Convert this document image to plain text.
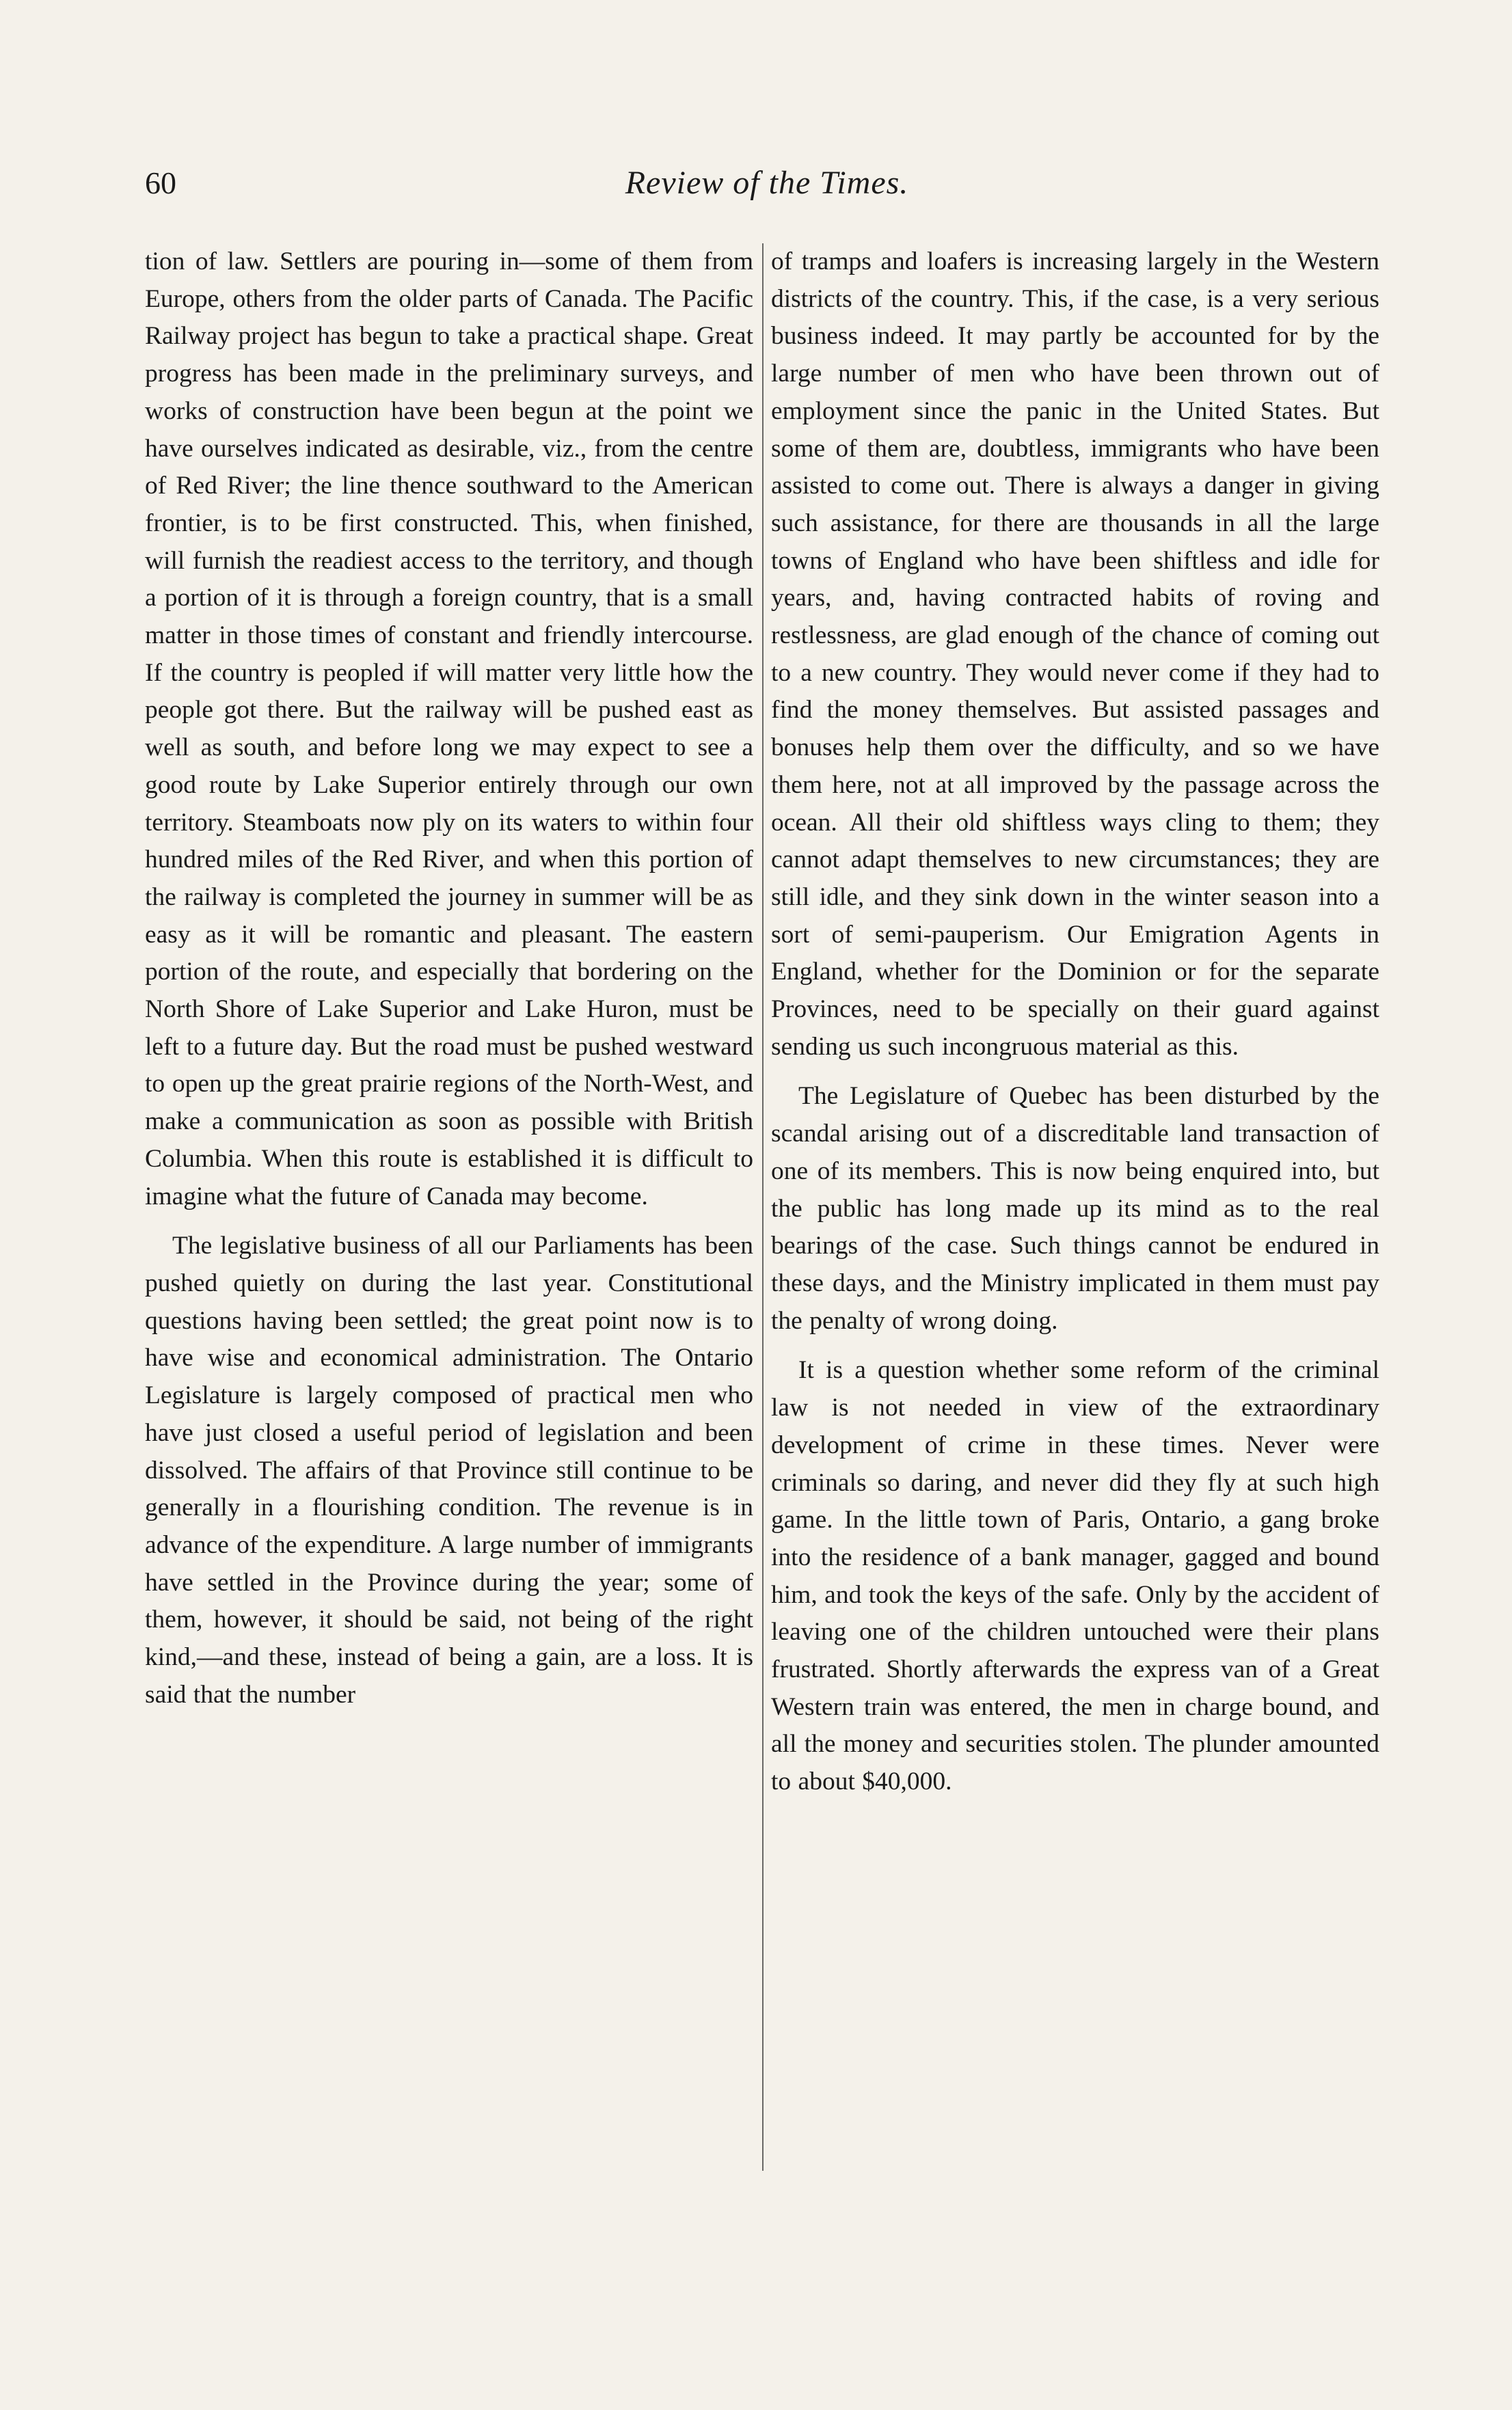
60	Review of the Times.

tion of law. Settlers are pouring in—some of them from Europe, others from the older parts of Canada. The Pacific Railway project has begun to take a practical shape. Great progress has been made in the preliminary surveys, and works of construction have been begun at the point we have ourselves indicated as desirable, viz., from the centre of Red River; the line thence southward to the American frontier, is to be first constructed. This, when finished, will furnish the readiest access to the territory, and though a portion of it is through a foreign country, that is a small matter in those times of constant and friendly intercourse. If the country is peopled if will matter very little how the people got there. But the railway will be pushed east as well as south, and before long we may expect to see a good route by Lake Superior entirely through our own territory. Steamboats now ply on its waters to within four hundred miles of the Red River, and when this portion of the railway is completed the journey in summer will be as easy as it will be romantic and pleasant. The eastern portion of the route, and especially that bordering on the North Shore of Lake Superior and Lake Huron, must be left to a future day. But the road must be pushed westward to open up the great prairie regions of the North-West, and make a communication as soon as possible with British Columbia. When this route is established it is difficult to imagine what the future of Canada may become.

The legislative business of all our Parliaments has been pushed quietly on during the last year. Constitutional questions having been settled; the great point now is to have wise and economical administration. The Ontario Legislature is largely composed of practical men who have just closed a useful period of legislation and been dissolved. The affairs of that Province still continue to be generally in a flourishing condition. The revenue is in advance of the expenditure. A large number of immigrants have settled in the Province during the year; some of them, however, it should be said, not being of the right kind,—and these, instead of being a gain, are a loss. It is said that the number

of tramps and loafers is increasing largely in the Western districts of the country. This, if the case, is a very serious business indeed. It may partly be accounted for by the large number of men who have been thrown out of employment since the panic in the United States. But some of them are, doubtless, immigrants who have been assisted to come out. There is always a danger in giving such assistance, for there are thousands in all the large towns of England who have been shiftless and idle for years, and, having contracted habits of roving and restlessness, are glad enough of the chance of coming out to a new country. They would never come if they had to find the money themselves. But assisted passages and bonuses help them over the difficulty, and so we have them here, not at all improved by the passage across the ocean. All their old shiftless ways cling to them; they cannot adapt themselves to new circumstances; they are still idle, and they sink down in the winter season into a sort of semi-pauperism. Our Emigration Agents in England, whether for the Dominion or for the separate Provinces, need to be specially on their guard against sending us such incongruous material as this.

The Legislature of Quebec has been disturbed by the scandal arising out of a discreditable land transaction of one of its members. This is now being enquired into, but the public has long made up its mind as to the real bearings of the case. Such things cannot be endured in these days, and the Ministry implicated in them must pay the penalty of wrong doing.

It is a question whether some reform of the criminal law is not needed in view of the extraordinary development of crime in these times. Never were criminals so daring, and never did they fly at such high game. In the little town of Paris, Ontario, a gang broke into the residence of a bank manager, gagged and bound him, and took the keys of the safe. Only by the accident of leaving one of the children untouched were their plans frustrated. Shortly afterwards the express van of a Great Western train was entered, the men in charge bound, and all the money and securities stolen. The plunder amounted to about $40,000.
